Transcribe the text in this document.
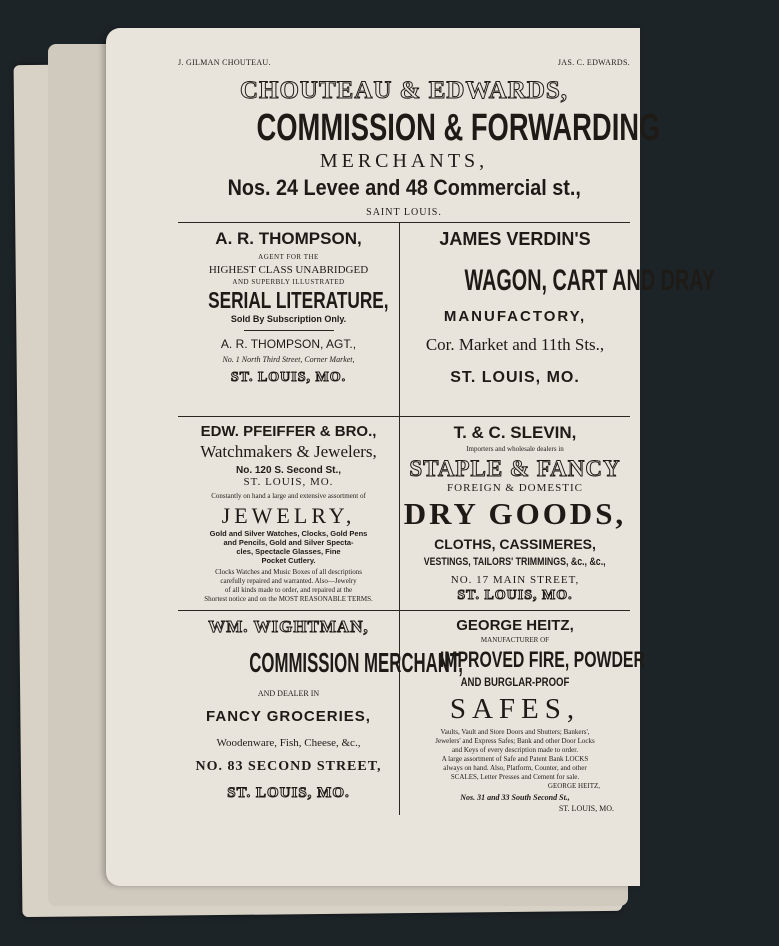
J. GILMAN CHOUTEAU.	JAS. C. EDWARDS.
CHOUTEAU & EDWARDS,
COMMISSION & FORWARDING
MERCHANTS,
Nos. 24 Levee and 48 Commercial st.,
SAINT LOUIS.
A. R. THOMPSON,
AGENT FOR THE
HIGHEST CLASS UNABRIDGED
AND SUPERBLY ILLUSTRATED
SERIAL LITERATURE,
Sold By Subscription Only.
A. R. THOMPSON, AGT.,
No. 1 North Third Street, Corner Market,
ST. LOUIS, MO.
JAMES VERDIN'S
WAGON, CART AND DRAY
MANUFACTORY,
Cor. Market and 11th Sts.,
ST. LOUIS, MO.
EDW. PFEIFFER & BRO.,
Watchmakers & Jewelers,
No. 120 S. Second St.,
ST. LOUIS, MO.
Constantly on hand a large and extensive assortment of
JEWELRY,
Gold and Silver Watches, Clocks, Gold Pens
and Pencils, Gold and Silver Specta-
cles, Spectacle Glasses, Fine
Pocket Cutlery.
Clocks Watches and Music Boxes of all descriptions
carefully repaired and warranted. Also—Jewelry
of all kinds made to order, and repaired at the
Shortest notice and on the MOST REASONABLE TERMS.
T. & C. SLEVIN,
Importers and wholesale dealers in
STAPLE & FANCY
FOREIGN & DOMESTIC
DRY GOODS,
CLOTHS, CASSIMERES,
VESTINGS, TAILORS' TRIMMINGS, &c., &c.,
NO. 17 MAIN STREET,
ST. LOUIS, MO.
WM. WIGHTMAN,
COMMISSION MERCHANT,
AND DEALER IN
FANCY GROCERIES,
Woodenware, Fish, Cheese, &c.,
NO. 83 SECOND STREET,
ST. LOUIS, MO.
GEORGE HEITZ,
MANUFACTURER OF
IMPROVED FIRE, POWDER
AND BURGLAR-PROOF
SAFES,
Vaults, Vault and Store Doors and Shutters; Bankers',
Jewelers' and Express Safes; Bank and other Door Locks
and Keys of every description made to order.
A large assortment of Safe and Patent Bank LOCKS
always on hand. Also, Platform, Counter, and other
SCALES, Letter Presses and Cement for sale.
GEORGE HEITZ,
Nos. 31 and 33 South Second St.,
ST. LOUIS, MO.
